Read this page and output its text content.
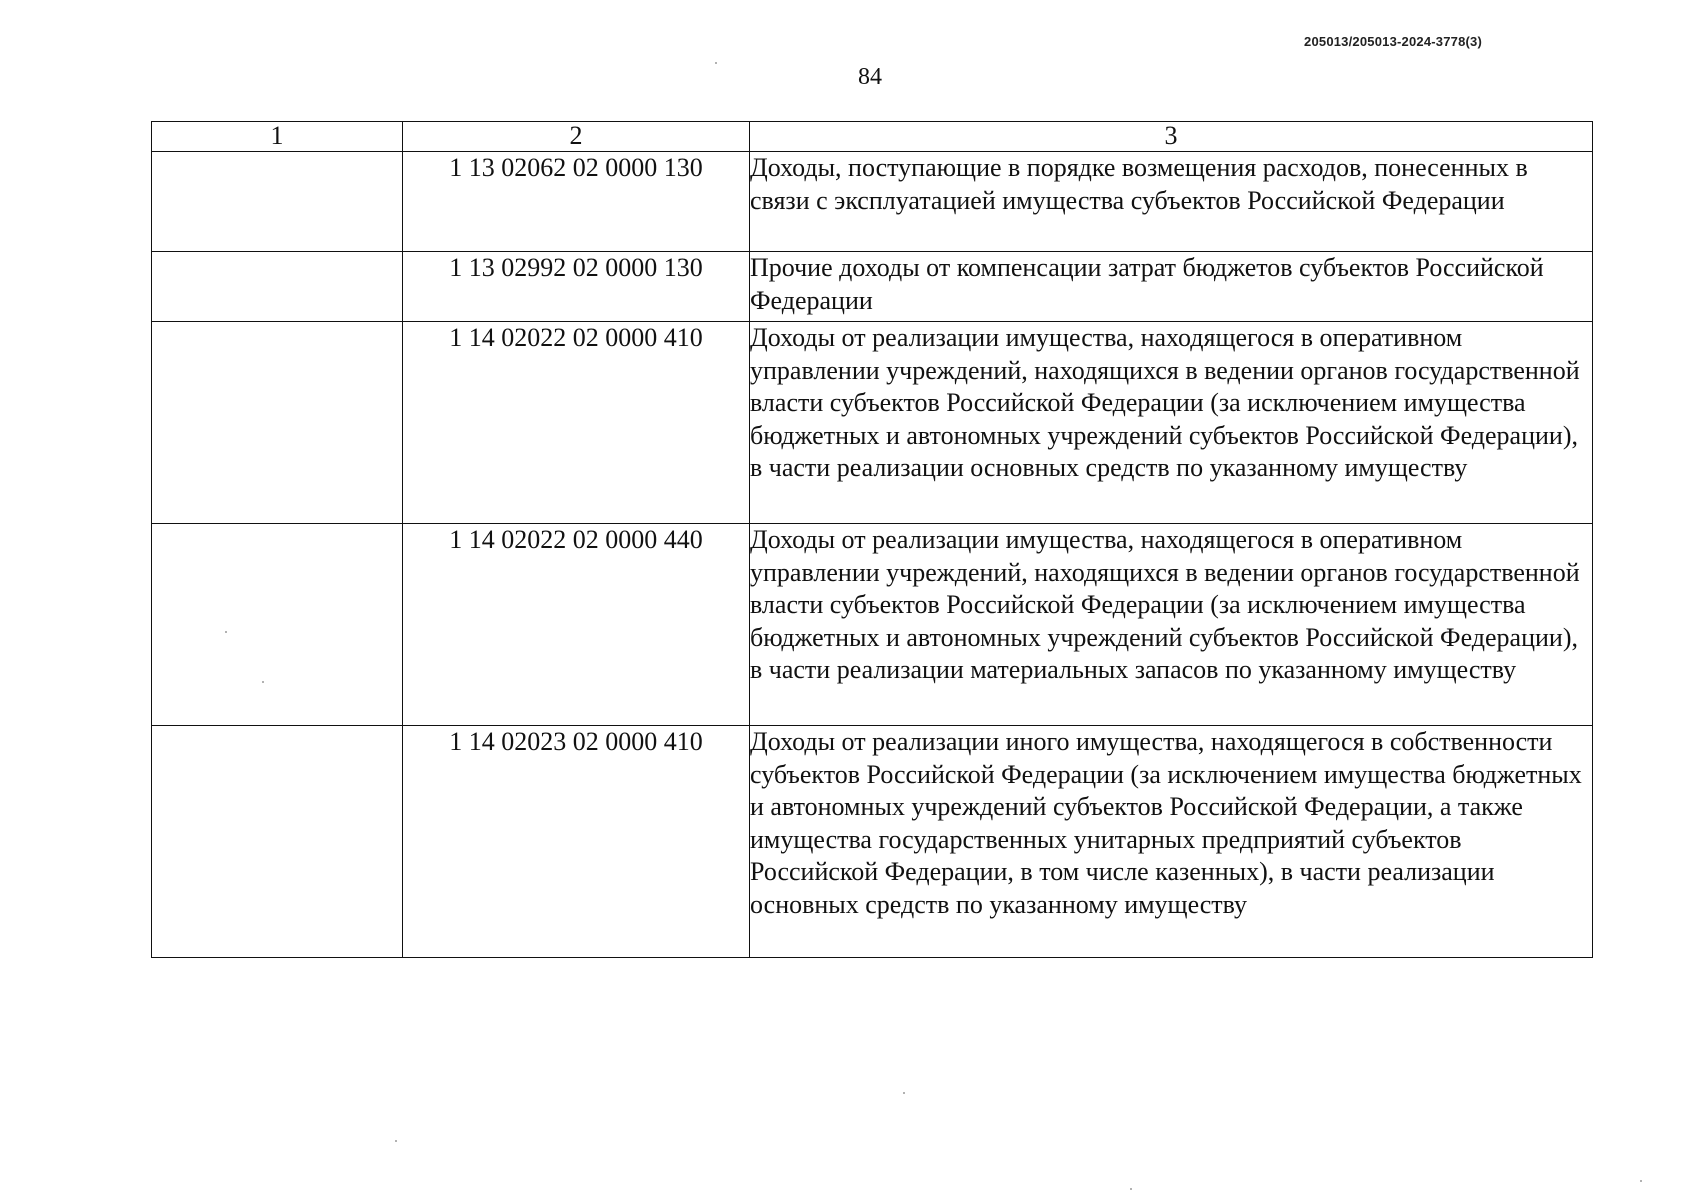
205013/205013-2024-3778(3)
84
1	2	3
	1 13 02062 02 0000 130	Доходы, поступающие в порядке возмещения расходов, понесенных в связи с эксплуатацией имущества субъектов Российской Федерации
	1 13 02992 02 0000 130	Прочие доходы от компенсации затрат бюджетов субъектов Российской Федерации
	1 14 02022 02 0000 410	Доходы от реализации имущества, находящегося в оперативном управлении учреждений, находящихся в ведении органов государственной власти субъектов Российской Федерации (за исключением имущества бюджетных и автономных учреждений субъектов Российской Федерации), в части реализации основных средств по указанному имуществу
	1 14 02022 02 0000 440	Доходы от реализации имущества, находящегося в оперативном управлении учреждений, находящихся в ведении органов государственной власти субъектов Российской Федерации (за исключением имущества бюджетных и автономных учреждений субъектов Российской Федерации), в части реализации материальных запасов по указанному имуществу
	1 14 02023 02 0000 410	Доходы от реализации иного имущества, находящегося в собственности субъектов Российской Федерации (за исключением имущества бюджетных и автономных учреждений субъектов Российской Федерации, а также имущества государственных унитарных предприятий субъектов Российской Федерации, в том числе казенных), в части реализации основных средств по указанному имуществу
